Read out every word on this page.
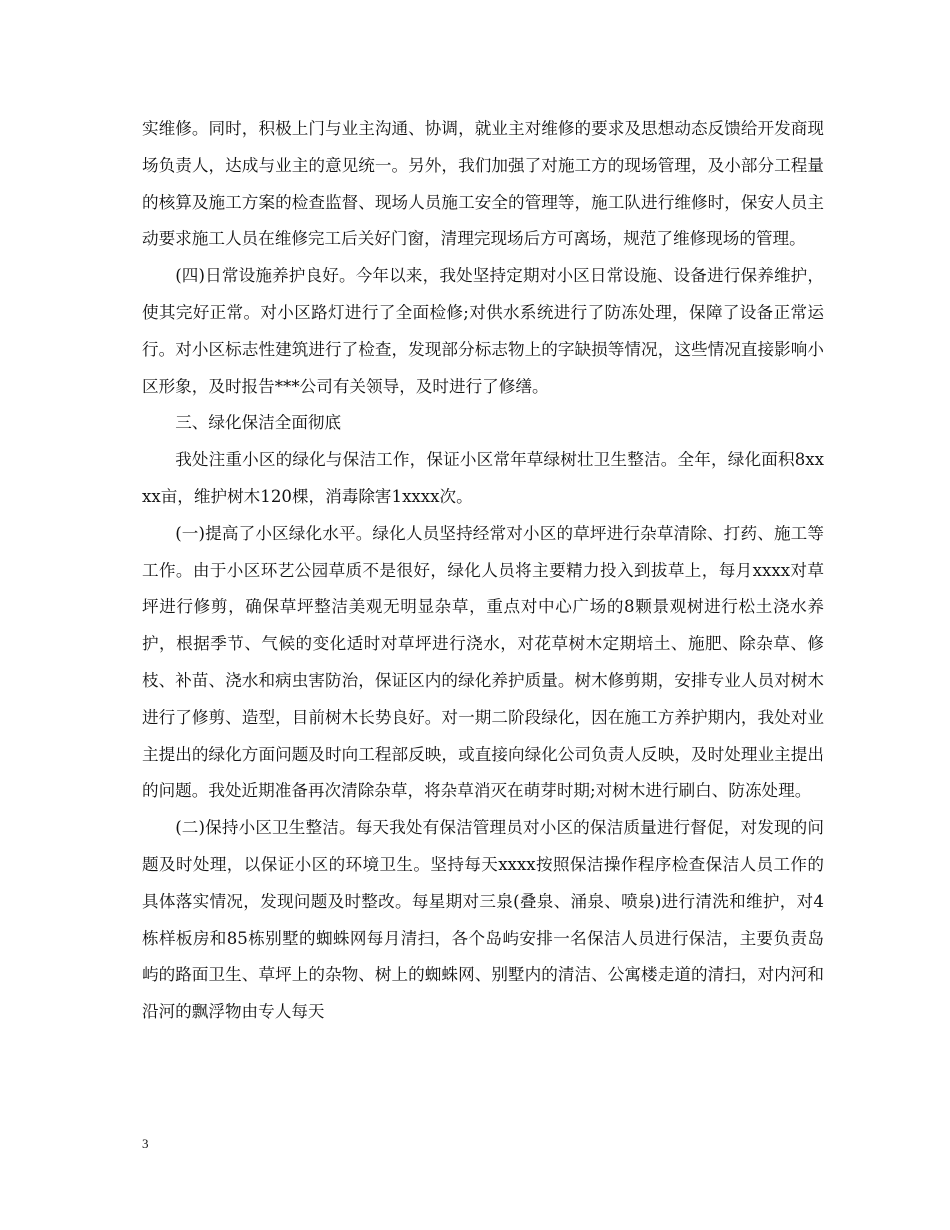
实维修。同时，积极上门与业主沟通、协调，就业主对维修的要求及思想动态反馈给开发商现场负责人，达成与业主的意见统一。另外，我们加强了对施工方的现场管理，及小部分工程量的核算及施工方案的检查监督、现场人员施工安全的管理等，施工队进行维修时，保安人员主动要求施工人员在维修完工后关好门窗，清理完现场后方可离场，规范了维修现场的管理。

(四)日常设施养护良好。今年以来，我处坚持定期对小区日常设施、设备进行保养维护，使其完好正常。对小区路灯进行了全面检修;对供水系统进行了防冻处理，保障了设备正常运行。对小区标志性建筑进行了检查，发现部分标志物上的字缺损等情况，这些情况直接影响小区形象，及时报告***公司有关领导，及时进行了修缮。

三、绿化保洁全面彻底

我处注重小区的绿化与保洁工作，保证小区常年草绿树壮卫生整洁。全年，绿化面积8xxxx亩，维护树木120棵，消毒除害1xxxx次。

(一)提高了小区绿化水平。绿化人员坚持经常对小区的草坪进行杂草清除、打药、施工等工作。由于小区环艺公园草质不是很好，绿化人员将主要精力投入到拔草上，每月xxxx对草坪进行修剪，确保草坪整洁美观无明显杂草，重点对中心广场的8颗景观树进行松土浇水养护，根据季节、气候的变化适时对草坪进行浇水，对花草树木定期培土、施肥、除杂草、修枝、补苗、浇水和病虫害防治，保证区内的绿化养护质量。树木修剪期，安排专业人员对树木进行了修剪、造型，目前树木长势良好。对一期二阶段绿化，因在施工方养护期内，我处对业主提出的绿化方面问题及时向工程部反映，或直接向绿化公司负责人反映，及时处理业主提出的问题。我处近期准备再次清除杂草，将杂草消灭在萌芽时期;对树木进行刷白、防冻处理。

(二)保持小区卫生整洁。每天我处有保洁管理员对小区的保洁质量进行督促，对发现的问题及时处理，以保证小区的环境卫生。坚持每天xxxx按照保洁操作程序检查保洁人员工作的具体落实情况，发现问题及时整改。每星期对三泉(叠泉、涌泉、喷泉)进行清洗和维护，对4栋样板房和85栋别墅的蜘蛛网每月清扫，各个岛屿安排一名保洁人员进行保洁，主要负责岛屿的路面卫生、草坪上的杂物、树上的蜘蛛网、别墅内的清洁、公寓楼走道的清扫，对内河和沿河的飘浮物由专人每天

3
